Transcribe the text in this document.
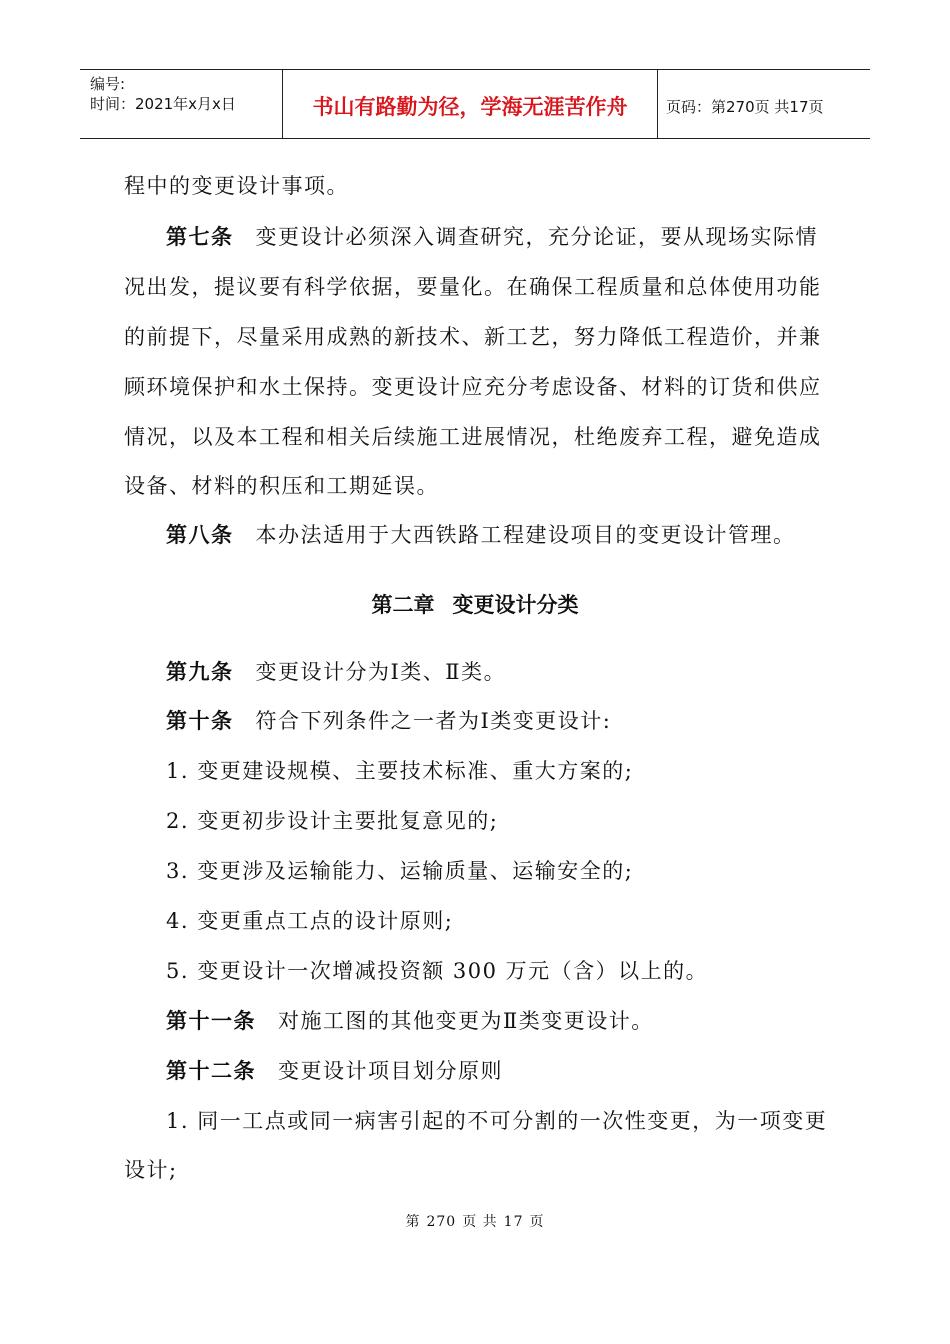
编号:
时间：2021年x月x日	书山有路勤为径，学海无涯苦作舟	页码：第270页 共17页
程中的变更设计事项。
第七条 变更设计必须深入调查研究，充分论证，要从现场实际情
况出发，提议要有科学依据，要量化。在确保工程质量和总体使用功能
的前提下，尽量采用成熟的新技术、新工艺，努力降低工程造价，并兼
顾环境保护和水土保持。变更设计应充分考虑设备、材料的订货和供应
情况，以及本工程和相关后续施工进展情况，杜绝废弃工程，避免造成
设备、材料的积压和工期延误。
第八条 本办法适用于大西铁路工程建设项目的变更设计管理。
第二章 变更设计分类
第九条 变更设计分为Ⅰ类、Ⅱ类。
第十条 符合下列条件之一者为Ⅰ类变更设计:
1. 变更建设规模、主要技术标准、重大方案的;
2. 变更初步设计主要批复意见的;
3. 变更涉及运输能力、运输质量、运输安全的;
4. 变更重点工点的设计原则;
5. 变更设计一次增减投资额 300 万元（含）以上的。
第十一条 对施工图的其他变更为Ⅱ类变更设计。
第十二条 变更设计项目划分原则
1. 同一工点或同一病害引起的不可分割的一次性变更，为一项变更
设计;
第 270 页 共 17 页
